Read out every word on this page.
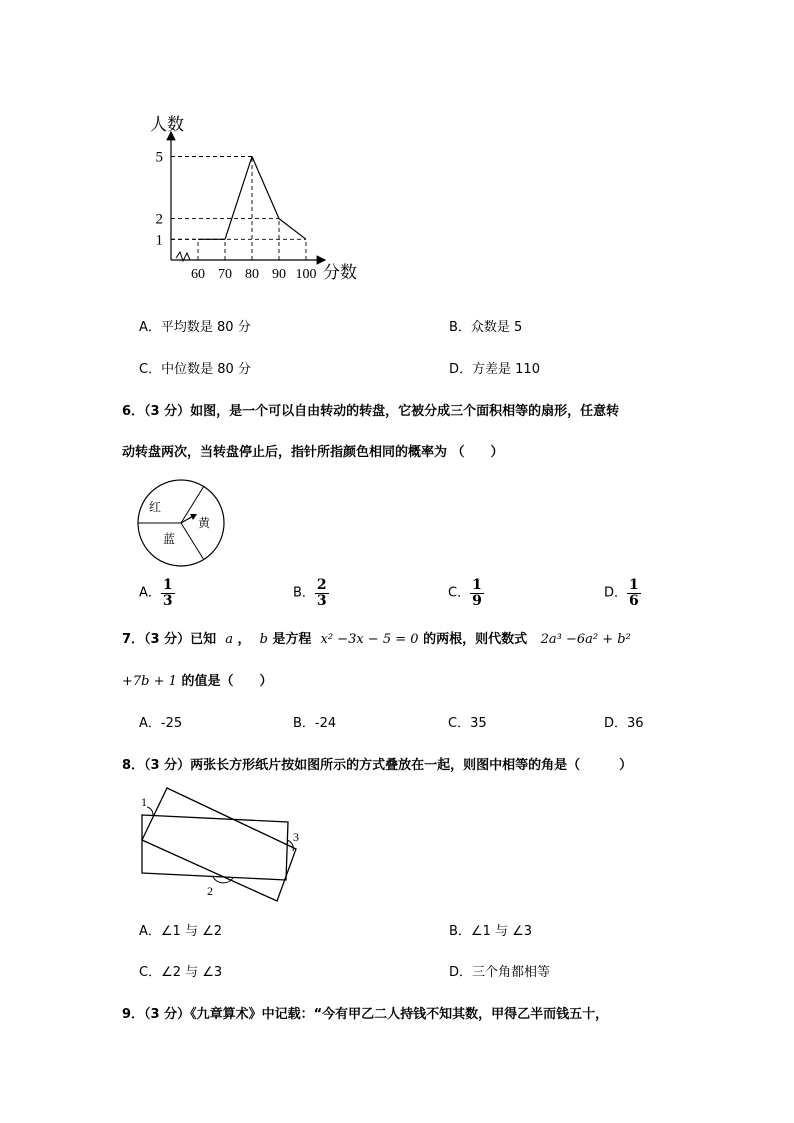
人数
分数
60 70 80 90 100
1
2
5
A．平均数是 80 分	B．众数是 5
C．中位数是 80 分	D．方差是 110
6．（3 分）如图，是一个可以自由转动的转盘，它被分成三个面积相等的扇形，任意转
动转盘两次，当转盘停止后，指针所指颜色相同的概率为 （　　）
红
黄
蓝
A． $\frac{1}{3}$	B． $\frac{2}{3}$	C． $\frac{1}{9}$	D． $\frac{1}{6}$
7．（3 分）已知 a ， b 是方程 x² −3x − 5 = 0 的两根，则代数式 2a³ −6a² + b²
+7b + 1 的值是（　　）
A．-25	B．-24	C．35	D．36
8．（3 分）两张长方形纸片按如图所示的方式叠放在一起，则图中相等的角是（　　　）
1
2
3
A．∠1 与 ∠2	B．∠1 与 ∠3
C．∠2 与 ∠3	D．三个角都相等
9．（3 分）《九章算术》中记载：“今有甲乙二人持钱不知其数，甲得乙半而钱五十，
